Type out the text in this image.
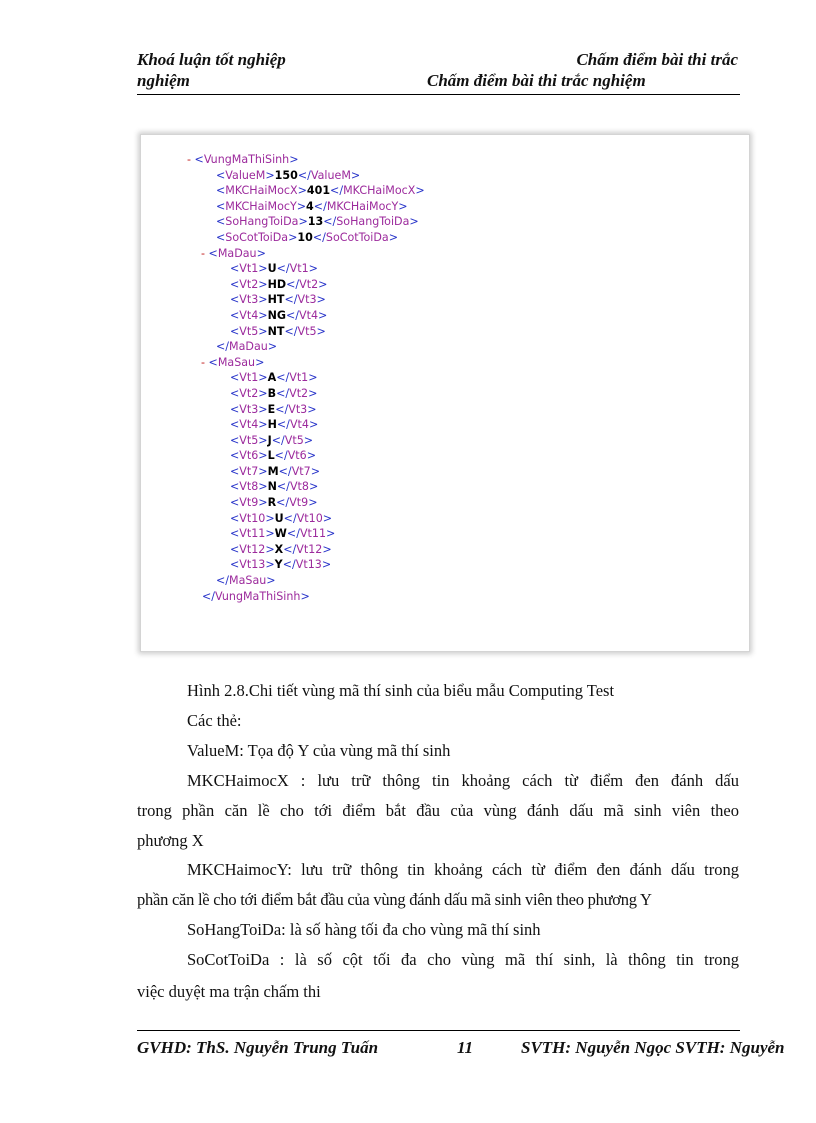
Khoá luận tốt nghiệp	Chấm điểm bài thi trắc
nghiệm	Chấm điểm bài thi trắc nghiệm
- <VungMaThiSinh>
<ValueM>150</ValueM>
<MKCHaiMocX>401</MKCHaiMocX>
<MKCHaiMocY>4</MKCHaiMocY>
<SoHangToiDa>13</SoHangToiDa>
<SoCotToiDa>10</SoCotToiDa>
- <MaDau>
<Vt1>U</Vt1>
<Vt2>HD</Vt2>
<Vt3>HT</Vt3>
<Vt4>NG</Vt4>
<Vt5>NT</Vt5>
</MaDau>
- <MaSau>
<Vt1>A</Vt1>
<Vt2>B</Vt2>
<Vt3>E</Vt3>
<Vt4>H</Vt4>
<Vt5>J</Vt5>
<Vt6>L</Vt6>
<Vt7>M</Vt7>
<Vt8>N</Vt8>
<Vt9>R</Vt9>
<Vt10>U</Vt10>
<Vt11>W</Vt11>
<Vt12>X</Vt12>
<Vt13>Y</Vt13>
</MaSau>
</VungMaThiSinh>
Hình 2.8.Chi tiết vùng mã thí sinh của biểu mẫu Computing Test
Các thẻ:
ValueM: Tọa độ Y của vùng mã thí sinh
MKCHaimocX : lưu trữ thông tin khoảng cách từ điểm đen đánh dấu
trong phần căn lề cho tới điểm bắt đầu của vùng đánh dấu mã sinh viên theo
phương X
MKCHaimocY: lưu trữ thông tin khoảng cách từ điểm đen đánh dấu trong
phần căn lề cho tới điểm bắt đầu của vùng đánh dấu mã sinh viên theo phương Y
SoHangToiDa: là số hàng tối đa cho vùng mã thí sinh
SoCotToiDa : là số cột tối đa cho vùng mã thí sinh, là thông tin trong
việc duyệt ma trận chấm thi
GVHD: ThS. Nguyễn Trung Tuấn	11	SVTH: Nguyễn Ngọc SVTH: Nguyễn
